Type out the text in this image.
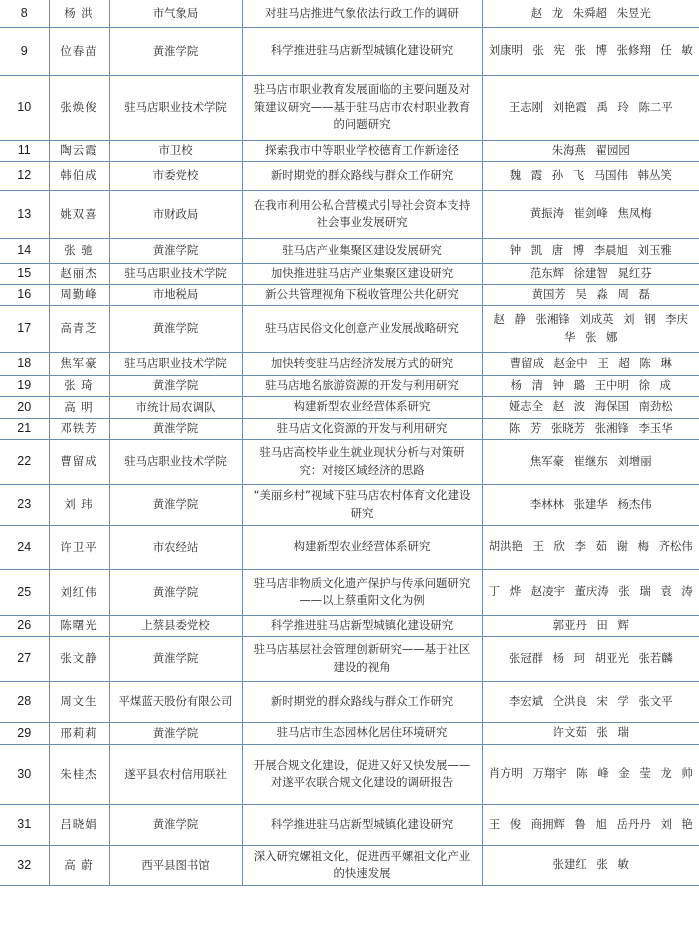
8	杨 洪	市气象局	对驻马店推进气象依法行政工作的调研	赵 龙 朱舜超 朱昱光
9	位春苗	黄淮学院	科学推进驻马店新型城镇化建设研究	刘康明 张 宪 张 博 张修翔 任 敏
10	张焕俊	驻马店职业技术学院	驻马店市职业教育发展面临的主要问题及对策建议研究——基于驻马店市农村职业教育的问题研究	王志刚 刘艳霞 禹 玲 陈二平
11	陶云霞	市卫校	探索我市中等职业学校德育工作新途径	朱海燕 翟园园
12	韩伯成	市委党校	新时期党的群众路线与群众工作研究	魏 霞 孙 飞 马国伟 韩丛笑
13	姚双喜	市财政局	在我市利用公私合营模式引导社会资本支持社会事业发展研究	黄振涛 崔剑峰 焦凤梅
14	张 驰	黄淮学院	驻马店产业集聚区建设发展研究	钟 凯 唐 博 李晨旭 刘玉雅
15	赵丽杰	驻马店职业技术学院	加快推进驻马店产业集聚区建设研究	范东辉 徐建智 晁红芬
16	周勤峰	市地税局	新公共管理视角下税收管理公共化研究	黄国芳 吴 淼 周 磊
17	高青芝	黄淮学院	驻马店民俗文化创意产业发展战略研究	赵 静 张湘锋 刘成英 刘 钢 李庆华 张 娜
18	焦军豪	驻马店职业技术学院	加快转变驻马店经济发展方式的研究	曹留成 赵金中 王 超 陈 琳
19	张 琦	黄淮学院	驻马店地名旅游资源的开发与利用研究	杨 清 钟 璐 王中明 徐 成
20	高 明	市统计局农调队	构建新型农业经营体系研究	娅志全 赵 波 海保国 南劲松
21	邓铁芳	黄淮学院	驻马店文化资源的开发与利用研究	陈 芳 张晓芳 张湘锋 李玉华
22	曹留成	驻马店职业技术学院	驻马店高校毕业生就业现状分析与对策研究：对接区域经济的思路	焦军豪 崔继东 刘增丽
23	刘 玮	黄淮学院	“美丽乡村”视域下驻马店农村体育文化建设研究	李林林 张建华 杨杰伟
24	许卫平	市农经站	构建新型农业经营体系研究	胡洪艳 王 欣 李 茹 谢 梅 齐松伟
25	刘红伟	黄淮学院	驻马店非物质文化遗产保护与传承问题研究——以上蔡重阳文化为例	丁 烨 赵凌宇 董庆涛 张 瑞 袁 涛
26	陈曙光	上蔡县委党校	科学推进驻马店新型城镇化建设研究	郭亚丹 田 辉
27	张文静	黄淮学院	驻马店基层社会管理创新研究——基于社区建设的视角	张冠群 杨 珂 胡亚光 张若麟
28	周文生	平煤蓝天股份有限公司	新时期党的群众路线与群众工作研究	李宏斌 仝洪良 宋 学 张文平
29	邢莉莉	黄淮学院	驻马店市生态园林化居住环境研究	许文茹 张 瑞
30	朱桂杰	遂平县农村信用联社	开展合规文化建设，促进又好又快发展——对遂平农联合规文化建设的调研报告	肖方明 万翔宇 陈 峰 金 莹 龙 帅
31	吕晓娟	黄淮学院	科学推进驻马店新型城镇化建设研究	王 俊 商拥辉 鲁 旭 岳丹丹 刘 艳
32	高 蔚	西平县图书馆	深入研究嫘祖文化，促进西平嫘祖文化产业的快速发展	张建红 张 敏
